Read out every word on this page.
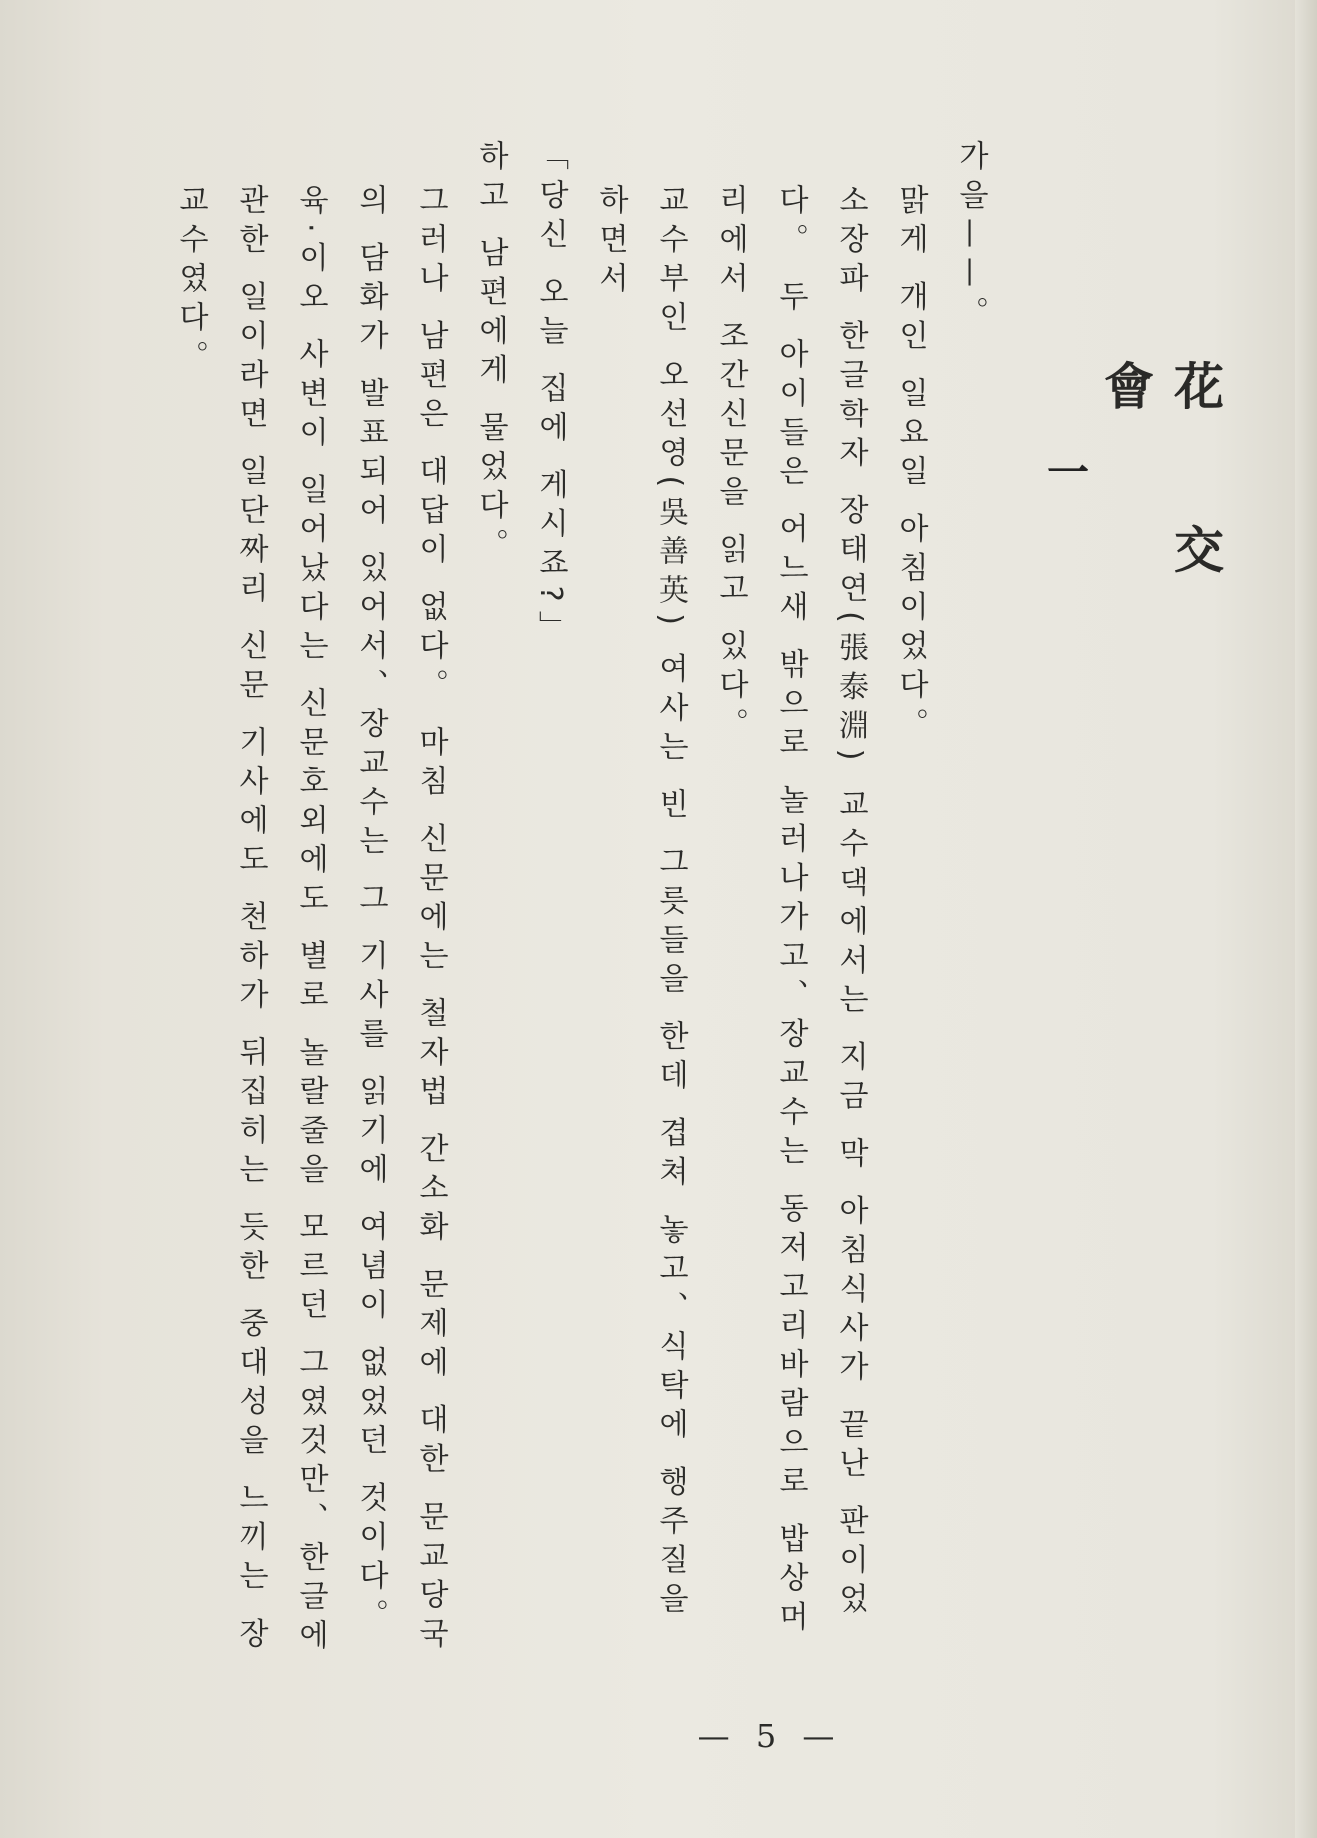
花 交 會
一

가을——。

맑게 개인 일요일 아침이었다。

소장파 한글학자 장태연(張泰淵) 교수댁에서는 지금 막 아침식사가 끝난 판이었다。 두 아이들은 어느새 밖으로 놀러나가고、장교수는 동저고리바람으로 밥상머리에서 조간신문을 읽고 있다。

교수부인 오선영(吳善英) 여사는 빈 그릇들을 한데 겹쳐 놓고、식탁에 행주질을 하면서

「당신 오늘 집에 게시죠?」

하고 남편에게 물었다。

그러나 남편은 대답이 없다。 마침 신문에는 철자법 간소화 문제에 대한 문교당국의 담화가 발표되어 있어서、장교수는 그 기사를 읽기에 여념이 없었던 것이다。 육·이오 사변이 일어났다는 신문호외에도 별로 놀랄줄을 모르던 그였것만、한글에 관한 일이라면 일단짜리 신문 기사에도 천하가 뒤집히는 듯한 중대성을 느끼는 장교수였다。

— 5 —
